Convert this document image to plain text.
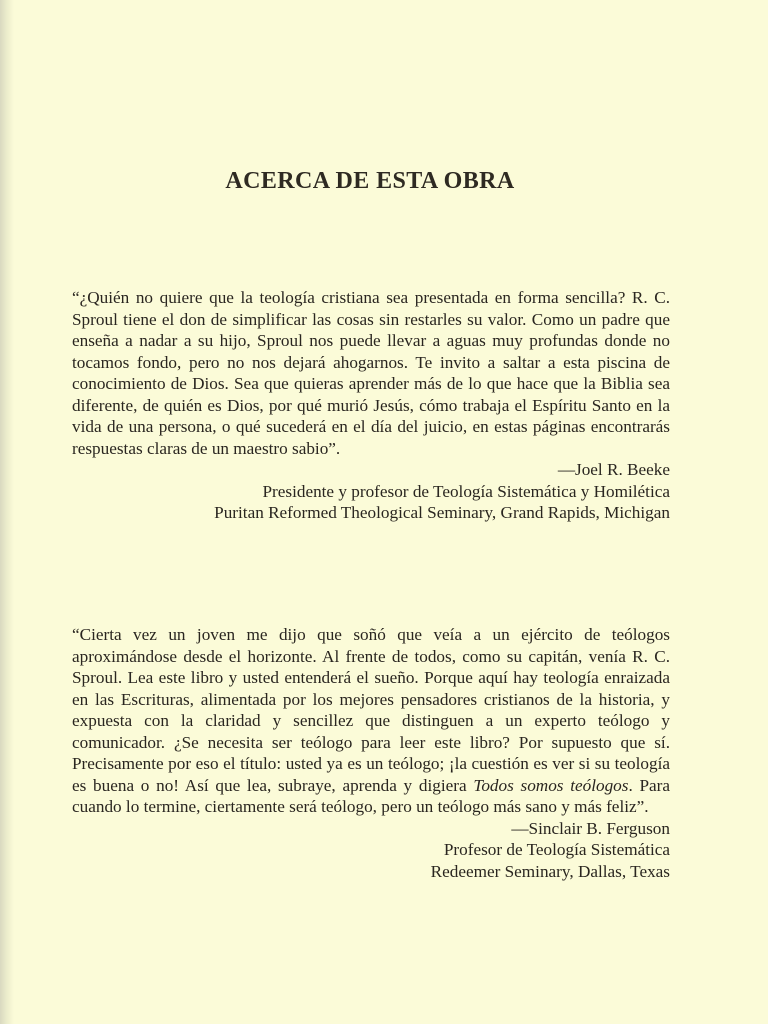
ACERCA DE ESTA OBRA

“¿Quién no quiere que la teología cristiana sea presentada en forma sencilla? R. C. Sproul tiene el don de simplificar las cosas sin restarles su valor. Como un padre que enseña a nadar a su hijo, Sproul nos puede llevar a aguas muy profundas donde no tocamos fondo, pero no nos dejará ahogarnos. Te invito a saltar a esta piscina de conocimiento de Dios. Sea que quieras aprender más de lo que hace que la Biblia sea diferente, de quién es Dios, por qué murió Jesús, cómo trabaja el Espíritu Santo en la vida de una persona, o qué sucederá en el día del juicio, en estas páginas encontrarás respuestas claras de un maestro sabio”.

—Joel R. Beeke

Presidente y profesor de Teología Sistemática y Homilética

Puritan Reformed Theological Seminary, Grand Rapids, Michigan

“Cierta vez un joven me dijo que soñó que veía a un ejército de teólogos aproximándose desde el horizonte. Al frente de todos, como su capitán, venía R. C. Sproul. Lea este libro y usted entenderá el sueño. Porque aquí hay teología enraizada en las Escrituras, alimentada por los mejores pensadores cristianos de la historia, y expuesta con la claridad y sencillez que distinguen a un experto teólogo y comunicador. ¿Se necesita ser teólogo para leer este libro? Por supuesto que sí. Precisamente por eso el título: usted ya es un teólogo; ¡la cuestión es ver si su teología es buena o no! Así que lea, subraye, aprenda y digiera Todos somos teólogos. Para cuando lo termine, ciertamente será teólogo, pero un teólogo más sano y más feliz”.

—Sinclair B. Ferguson

Profesor de Teología Sistemática

Redeemer Seminary, Dallas, Texas
